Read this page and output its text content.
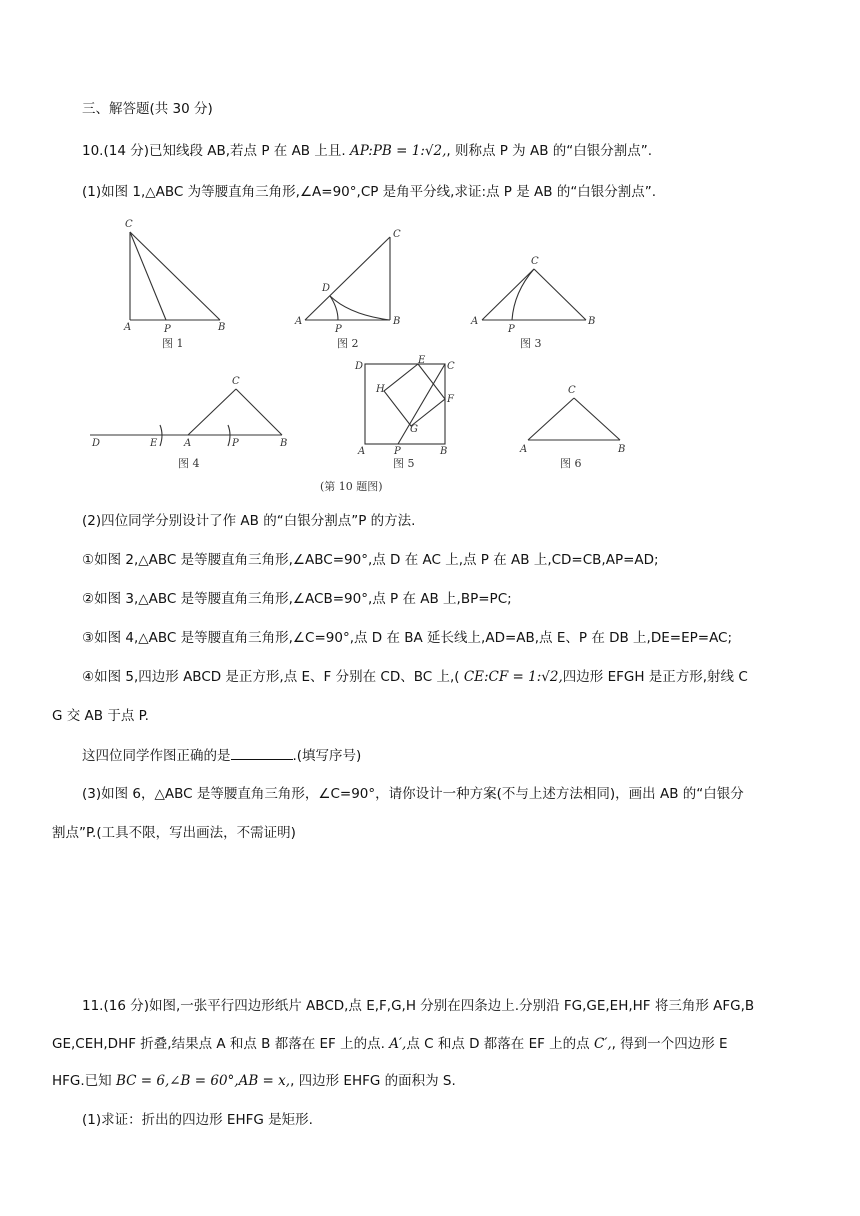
三、解答题(共 30 分)
10.(14 分)已知线段 AB,若点 P 在 AB 上且. AP:PB = 1:√2,, 则称点 P 为 AB 的“白银分割点”.
(1)如图 1,△ABC 为等腰直角三角形,∠A=90°,CP 是角平分线,求证:点 P 是 AB 的“白银分割点”.
C
A	P	B
图 1
C
D
A
P
B
图 2
C
A
P
B
图 3
C
D	E	A	P	B
图 4
D
E
C
H
F
G
A	P	B
图 5
(第 10 题图)
C
A	B
图 6
(2)四位同学分别设计了作 AB 的“白银分割点”P 的方法.
①如图 2,△ABC 是等腰直角三角形,∠ABC=90°,点 D 在 AC 上,点 P 在 AB 上,CD=CB,AP=AD;
②如图 3,△ABC 是等腰直角三角形,∠ACB=90°,点 P 在 AB 上,BP=PC;
③如图 4,△ABC 是等腰直角三角形,∠C=90°,点 D 在 BA 延长线上,AD=AB,点 E、P 在 DB 上,DE=EP=AC;
④如图 5,四边形 ABCD 是正方形,点 E、F 分别在 CD、BC 上,( CE:CF = 1:√2,四边形 EFGH 是正方形,射线 C
G 交 AB 于点 P.
这四位同学作图正确的是	.(填写序号)
(3)如图 6，△ABC 是等腰直角三角形，∠C=90°，请你设计一种方案(不与上述方法相同)，画出 AB 的“白银分
割点”P.(工具不限，写出画法，不需证明)
11.(16 分)如图,一张平行四边形纸片 ABCD,点 E,F,G,H 分别在四条边上.分别沿 FG,GE,EH,HF 将三角形 AFG,B
GE,CEH,DHF 折叠,结果点 A 和点 B 都落在 EF 上的点. A′,点 C 和点 D 都落在 EF 上的点 C′,, 得到一个四边形 E
HFG.已知 BC = 6,∠B = 60°,AB = x,, 四边形 EHFG 的面积为 S.
(1)求证：折出的四边形 EHFG 是矩形.
